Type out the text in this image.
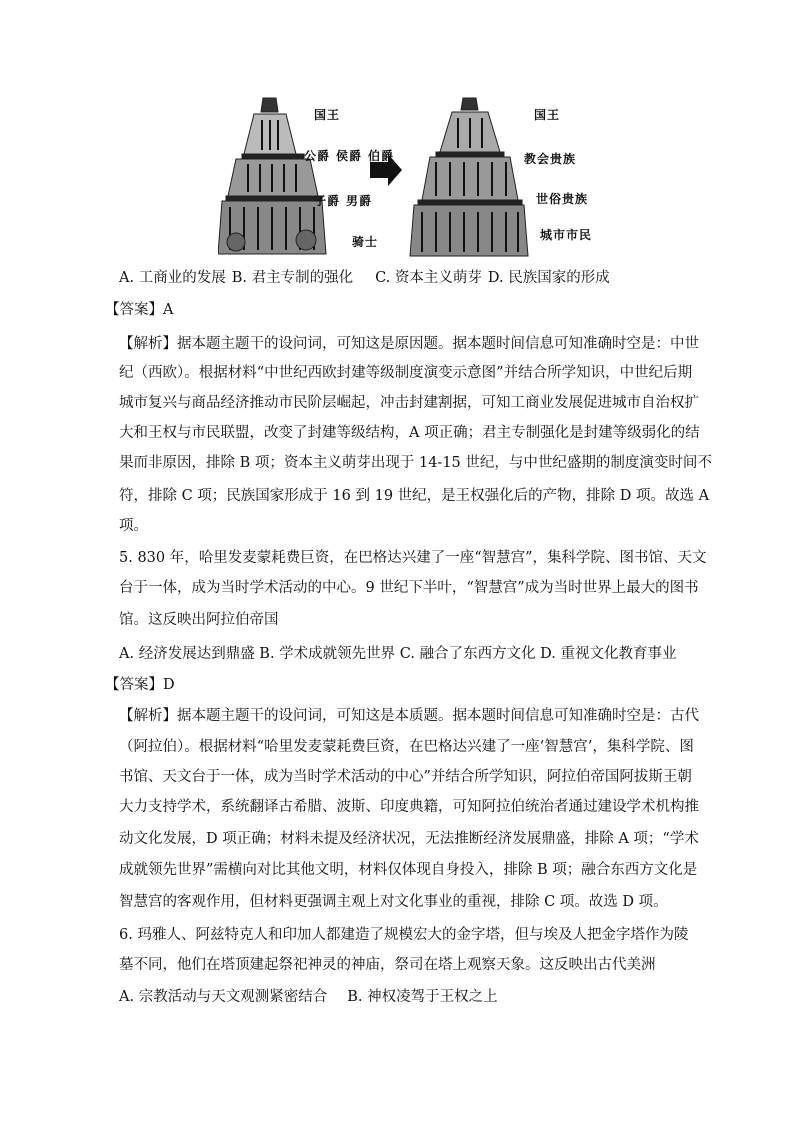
国王
公爵 侯爵 伯爵
子爵 男爵
骑士
国王
教会贵族
世俗贵族
城市市民
A. 工商业的发展 B. 君主专制的强化 C. 资本主义萌芽 D. 民族国家的形成
【答案】A
【解析】据本题主题干的设问词，可知这是原因题。据本题时间信息可知准确时空是：中世
纪（西欧）。根据材料“中世纪西欧封建等级制度演变示意图”并结合所学知识，中世纪后期
城市复兴与商品经济推动市民阶层崛起，冲击封建割据，可知工商业发展促进城市自治权扩
大和王权与市民联盟，改变了封建等级结构，A 项正确；君主专制强化是封建等级弱化的结
果而非原因，排除 B 项；资本主义萌芽出现于 14-15 世纪，与中世纪盛期的制度演变时间不
符，排除 C 项；民族国家形成于 16 到 19 世纪，是王权强化后的产物，排除 D 项。故选 A
项。
5. 830 年，哈里发麦蒙耗费巨资，在巴格达兴建了一座“智慧宫”，集科学院、图书馆、天文
台于一体，成为当时学术活动的中心。9 世纪下半叶，“智慧宫”成为当时世界上最大的图书
馆。这反映出阿拉伯帝国
A. 经济发展达到鼎盛 B. 学术成就领先世界 C. 融合了东西方文化 D. 重视文化教育事业
【答案】D
【解析】据本题主题干的设问词，可知这是本质题。据本题时间信息可知准确时空是：古代
（阿拉伯）。根据材料“哈里发麦蒙耗费巨资，在巴格达兴建了一座‘智慧宫’，集科学院、图
书馆、天文台于一体，成为当时学术活动的中心”并结合所学知识，阿拉伯帝国阿拔斯王朝
大力支持学术，系统翻译古希腊、波斯、印度典籍，可知阿拉伯统治者通过建设学术机构推
动文化发展，D 项正确；材料未提及经济状况，无法推断经济发展鼎盛，排除 A 项；“学术
成就领先世界”需横向对比其他文明，材料仅体现自身投入，排除 B 项；融合东西方文化是
智慧宫的客观作用，但材料更强调主观上对文化事业的重视，排除 C 项。故选 D 项。
6. 玛雅人、阿兹特克人和印加人都建造了规模宏大的金字塔，但与埃及人把金字塔作为陵
墓不同，他们在塔顶建起祭祀神灵的神庙，祭司在塔上观察天象。这反映出古代美洲
A. 宗教活动与天文观测紧密结合 B. 神权凌驾于王权之上
